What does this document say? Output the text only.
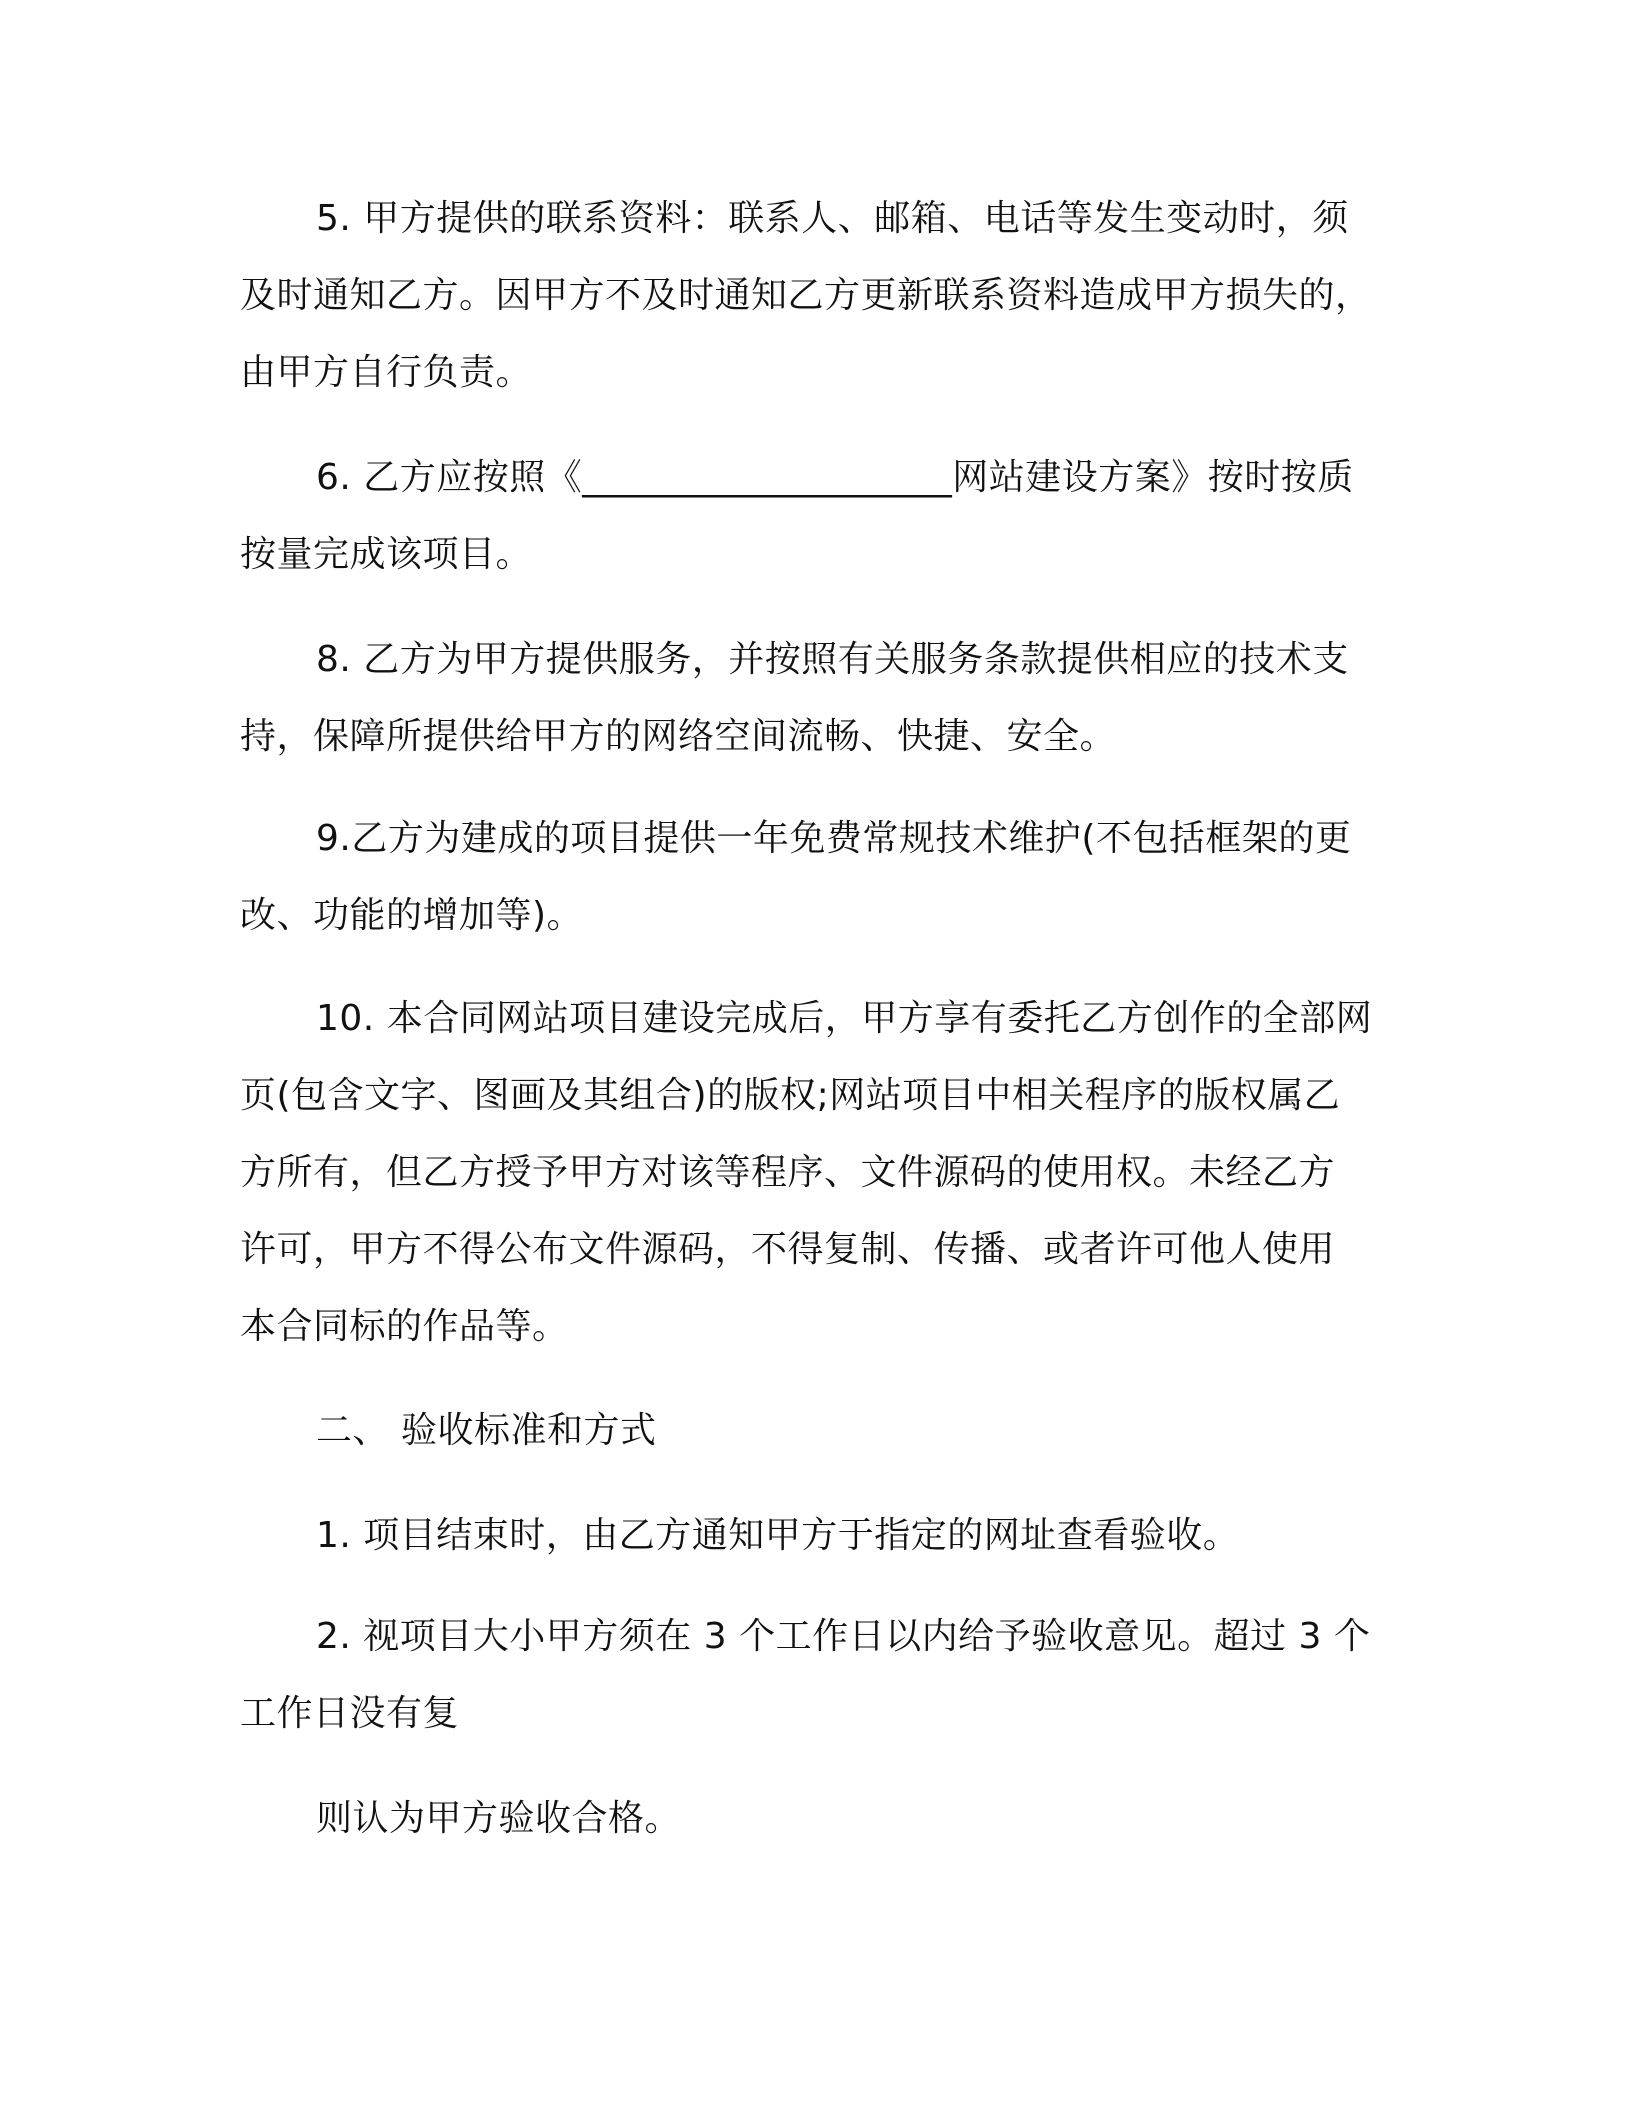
5. 甲方提供的联系资料：联系人、邮箱、电话等发生变动时，须
及时通知乙方。因甲方不及时通知乙方更新联系资料造成甲方损失的，
由甲方自行负责。

6. 乙方应按照《____________________网站建设方案》按时按质
按量完成该项目。

8. 乙方为甲方提供服务，并按照有关服务条款提供相应的技术支
持，保障所提供给甲方的网络空间流畅、快捷、安全。

9.乙方为建成的项目提供一年免费常规技术维护(不包括框架的更
改、功能的增加等)。

10. 本合同网站项目建设完成后，甲方享有委托乙方创作的全部网
页(包含文字、图画及其组合)的版权;网站项目中相关程序的版权属乙
方所有，但乙方授予甲方对该等程序、文件源码的使用权。未经乙方
许可，甲方不得公布文件源码，不得复制、传播、或者许可他人使用
本合同标的作品等。

二、 验收标准和方式

1. 项目结束时，由乙方通知甲方于指定的网址查看验收。

2. 视项目大小甲方须在 3 个工作日以内给予验收意见。超过 3 个
工作日没有复

则认为甲方验收合格。
